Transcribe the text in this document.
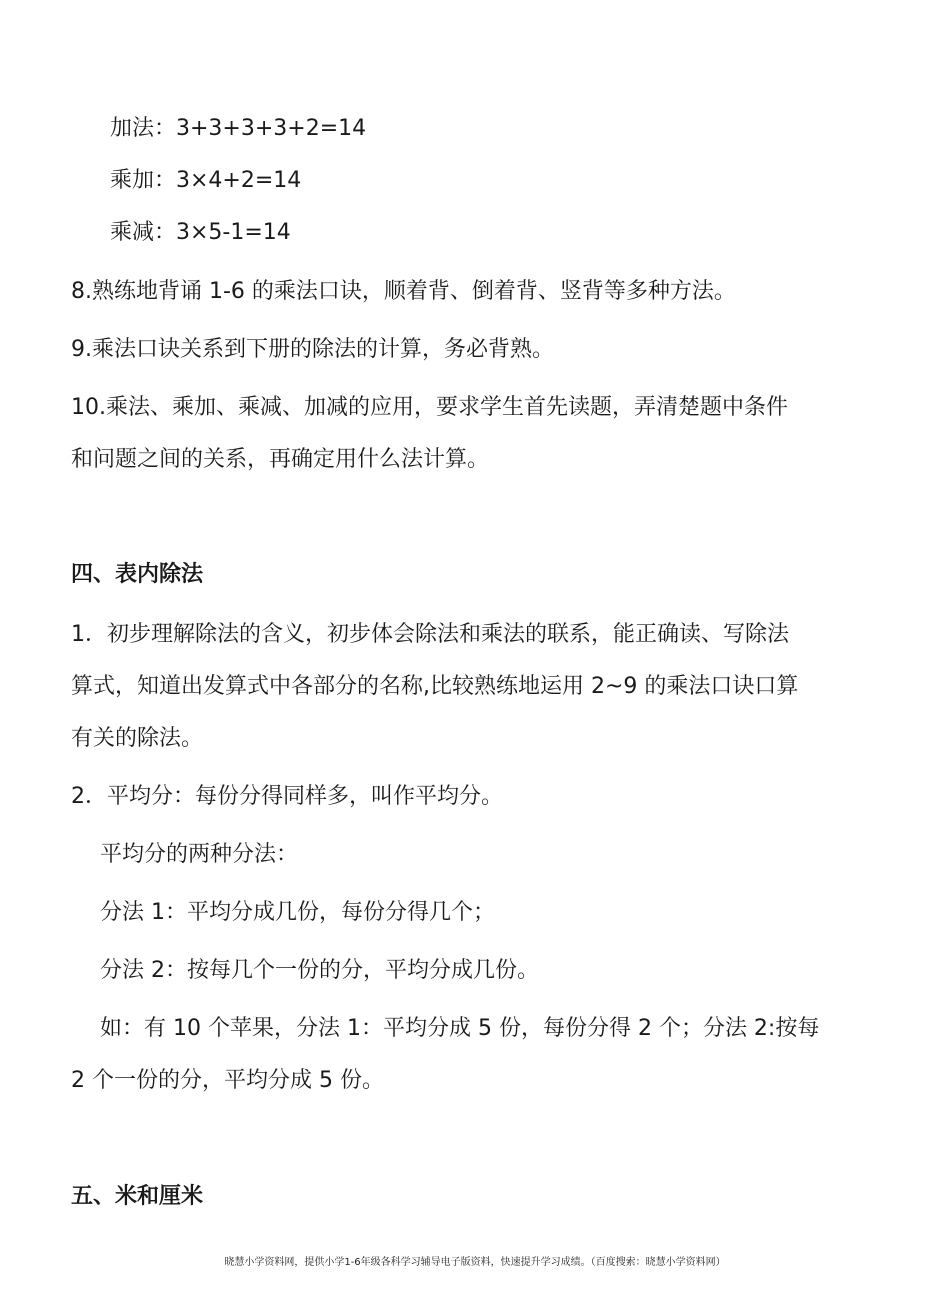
加法：3+3+3+3+2=14
乘加：3×4+2=14
乘减：3×5-1=14
8.熟练地背诵 1-6 的乘法口诀，顺着背、倒着背、竖背等多种方法。
9.乘法口诀关系到下册的除法的计算，务必背熟。
10.乘法、乘加、乘减、加减的应用，要求学生首先读题，弄清楚题中条件
和问题之间的关系，再确定用什么法计算。
四、表内除法
1．初步理解除法的含义，初步体会除法和乘法的联系，能正确读、写除法
算式，知道出发算式中各部分的名称,比较熟练地运用 2~9 的乘法口诀口算
有关的除法。
2．平均分：每份分得同样多，叫作平均分。
平均分的两种分法：
分法 1：平均分成几份，每份分得几个；
分法 2：按每几个一份的分，平均分成几份。
如：有 10 个苹果，分法 1：平均分成 5 份，每份分得 2 个；分法 2:按每
2 个一份的分，平均分成 5 份。
五、米和厘米
晓慧小学资料网，提供小学1-6年级各科学习辅导电子版资料，快速提升学习成绩。（百度搜索：晓慧小学资料网）
